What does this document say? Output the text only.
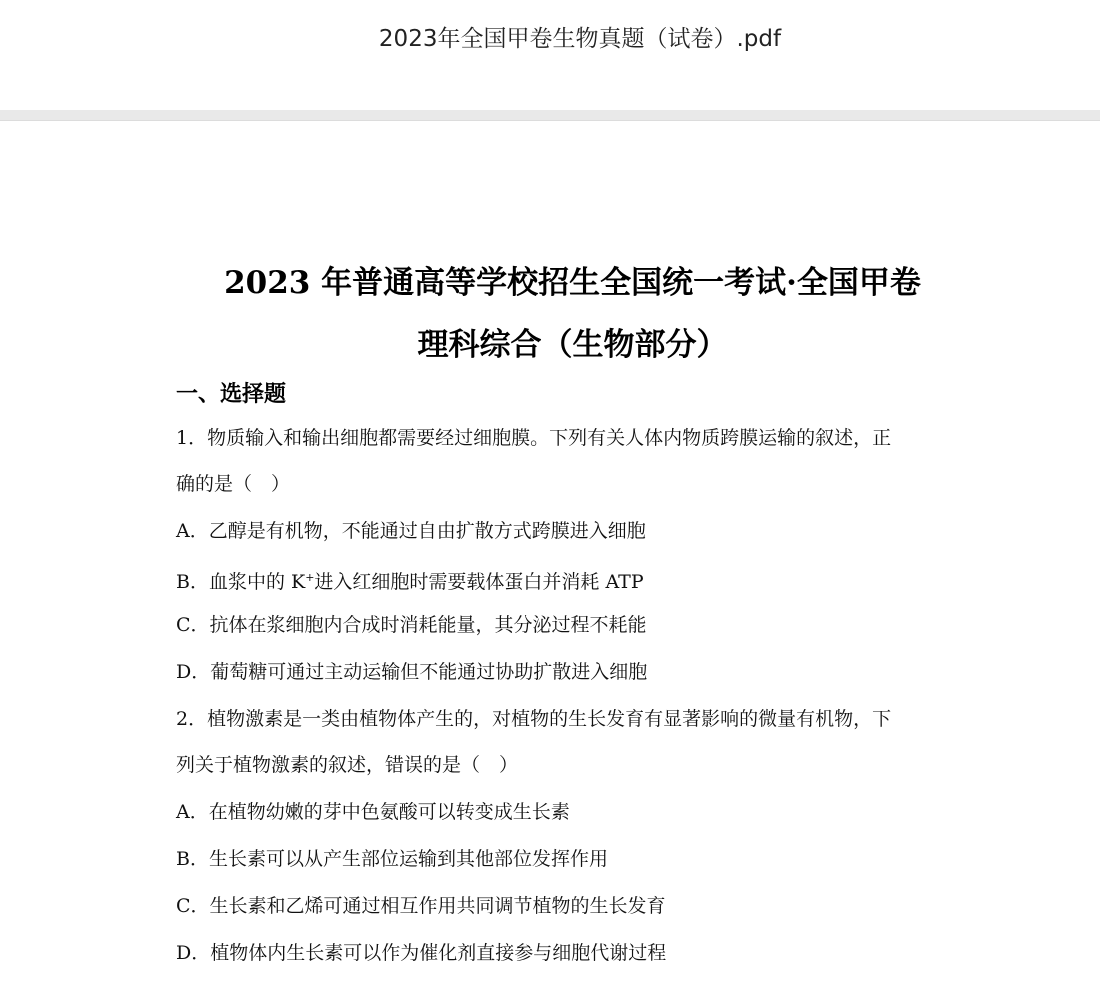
2023年全国甲卷生物真题（试卷）.pdf
2023 年普通高等学校招生全国统一考试·全国甲卷
理科综合（生物部分）
一、选择题
1．物质输入和输出细胞都需要经过细胞膜。下列有关人体内物质跨膜运输的叙述，正
确的是（　）
A．乙醇是有机物，不能通过自由扩散方式跨膜进入细胞
B．血浆中的 K+进入红细胞时需要载体蛋白并消耗 ATP
C．抗体在浆细胞内合成时消耗能量，其分泌过程不耗能
D．葡萄糖可通过主动运输但不能通过协助扩散进入细胞
2．植物激素是一类由植物体产生的，对植物的生长发育有显著影响的微量有机物，下
列关于植物激素的叙述，错误的是（　）
A．在植物幼嫩的芽中色氨酸可以转变成生长素
B．生长素可以从产生部位运输到其他部位发挥作用
C．生长素和乙烯可通过相互作用共同调节植物的生长发育
D．植物体内生长素可以作为催化剂直接参与细胞代谢过程
